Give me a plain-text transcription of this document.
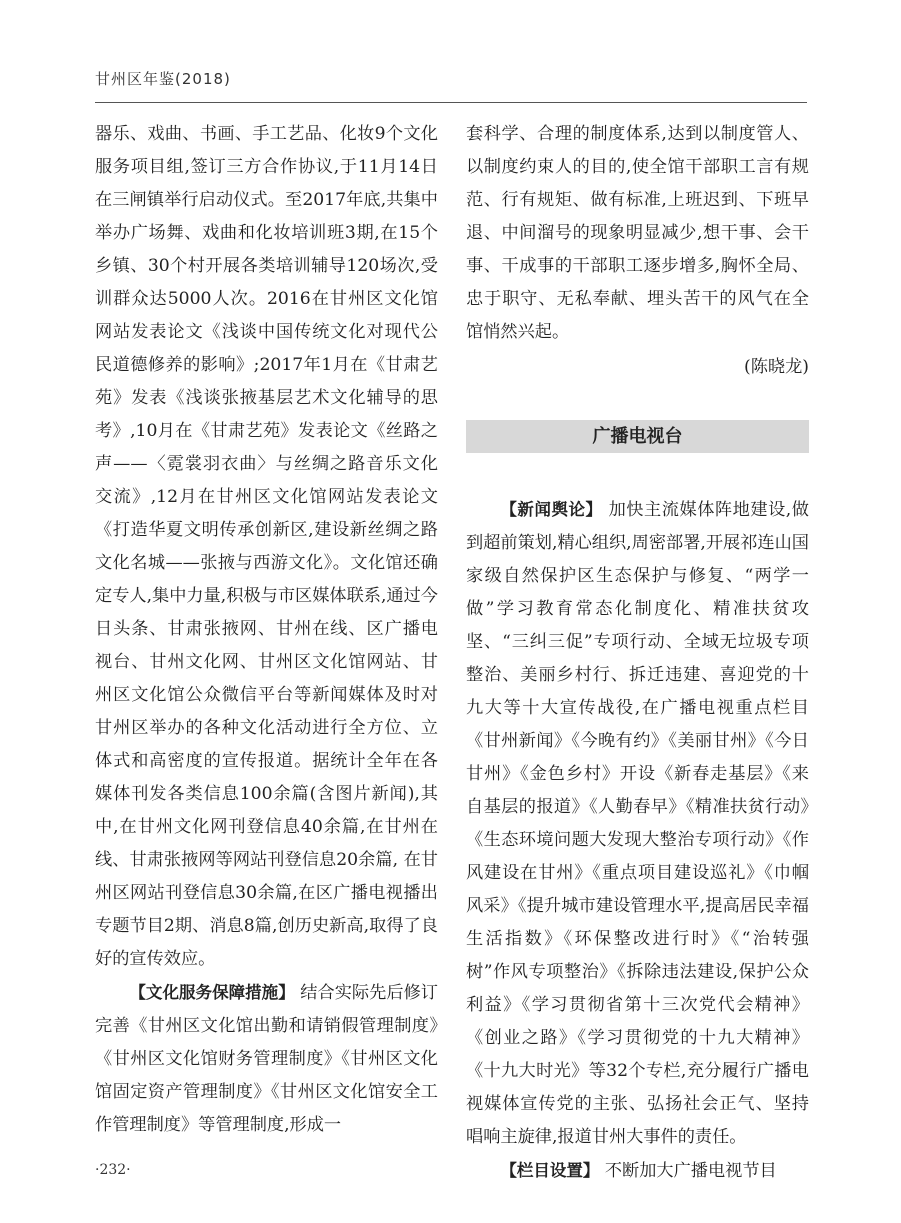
甘州区年鉴(2018)

器乐、戏曲、书画、手工艺品、化妆9个文化服务项目组,签订三方合作协议,于11月14日在三闸镇举行启动仪式。至2017年底,共集中举办广场舞、戏曲和化妆培训班3期,在15个乡镇、30个村开展各类培训辅导120场次,受训群众达5000人次。2016在甘州区文化馆网站发表论文《浅谈中国传统文化对现代公民道德修养的影响》;2017年1月在《甘肃艺苑》发表《浅谈张掖基层艺术文化辅导的思考》,10月在《甘肃艺苑》发表论文《丝路之声——〈霓裳羽衣曲〉与丝绸之路音乐文化交流》,12月在甘州区文化馆网站发表论文《打造华夏文明传承创新区,建设新丝绸之路文化名城——张掖与西游文化》。文化馆还确定专人,集中力量,积极与市区媒体联系,通过今日头条、甘肃张掖网、甘州在线、区广播电视台、甘州文化网、甘州区文化馆网站、甘州区文化馆公众微信平台等新闻媒体及时对甘州区举办的各种文化活动进行全方位、立体式和高密度的宣传报道。据统计全年在各媒体刊发各类信息100余篇(含图片新闻),其中,在甘州文化网刊登信息40余篇,在甘州在线、甘肃张掖网等网站刊登信息20余篇, 在甘州区网站刊登信息30余篇,在区广播电视播出专题节目2期、消息8篇,创历史新高,取得了良好的宣传效应。

【文化服务保障措施】 结合实际先后修订完善《甘州区文化馆出勤和请销假管理制度》《甘州区文化馆财务管理制度》《甘州区文化馆固定资产管理制度》《甘州区文化馆安全工作管理制度》等管理制度,形成一

套科学、合理的制度体系,达到以制度管人、以制度约束人的目的,使全馆干部职工言有规范、行有规矩、做有标准,上班迟到、下班早退、中间溜号的现象明显减少,想干事、会干事、干成事的干部职工逐步增多,胸怀全局、忠于职守、无私奉献、埋头苦干的风气在全馆悄然兴起。

(陈晓龙)
广播电视台

【新闻舆论】 加快主流媒体阵地建设,做到超前策划,精心组织,周密部署,开展祁连山国家级自然保护区生态保护与修复、“两学一做”学习教育常态化制度化、精准扶贫攻坚、“三纠三促”专项行动、全域无垃圾专项整治、美丽乡村行、拆迁违建、喜迎党的十九大等十大宣传战役,在广播电视重点栏目《甘州新闻》《今晚有约》《美丽甘州》《今日甘州》《金色乡村》开设《新春走基层》《来自基层的报道》《人勤春早》《精准扶贫行动》《生态环境问题大发现大整治专项行动》《作风建设在甘州》《重点项目建设巡礼》《巾帼风采》《提升城市建设管理水平,提高居民幸福生活指数》《环保整改进行时》《“治转强树”作风专项整治》《拆除违法建设,保护公众利益》《学习贯彻省第十三次党代会精神》《创业之路》《学习贯彻党的十九大精神》《十九大时光》等32个专栏,充分履行广播电视媒体宣传党的主张、弘扬社会正气、坚持唱响主旋律,报道甘州大事件的责任。

【栏目设置】 不断加大广播电视节目

·232·
